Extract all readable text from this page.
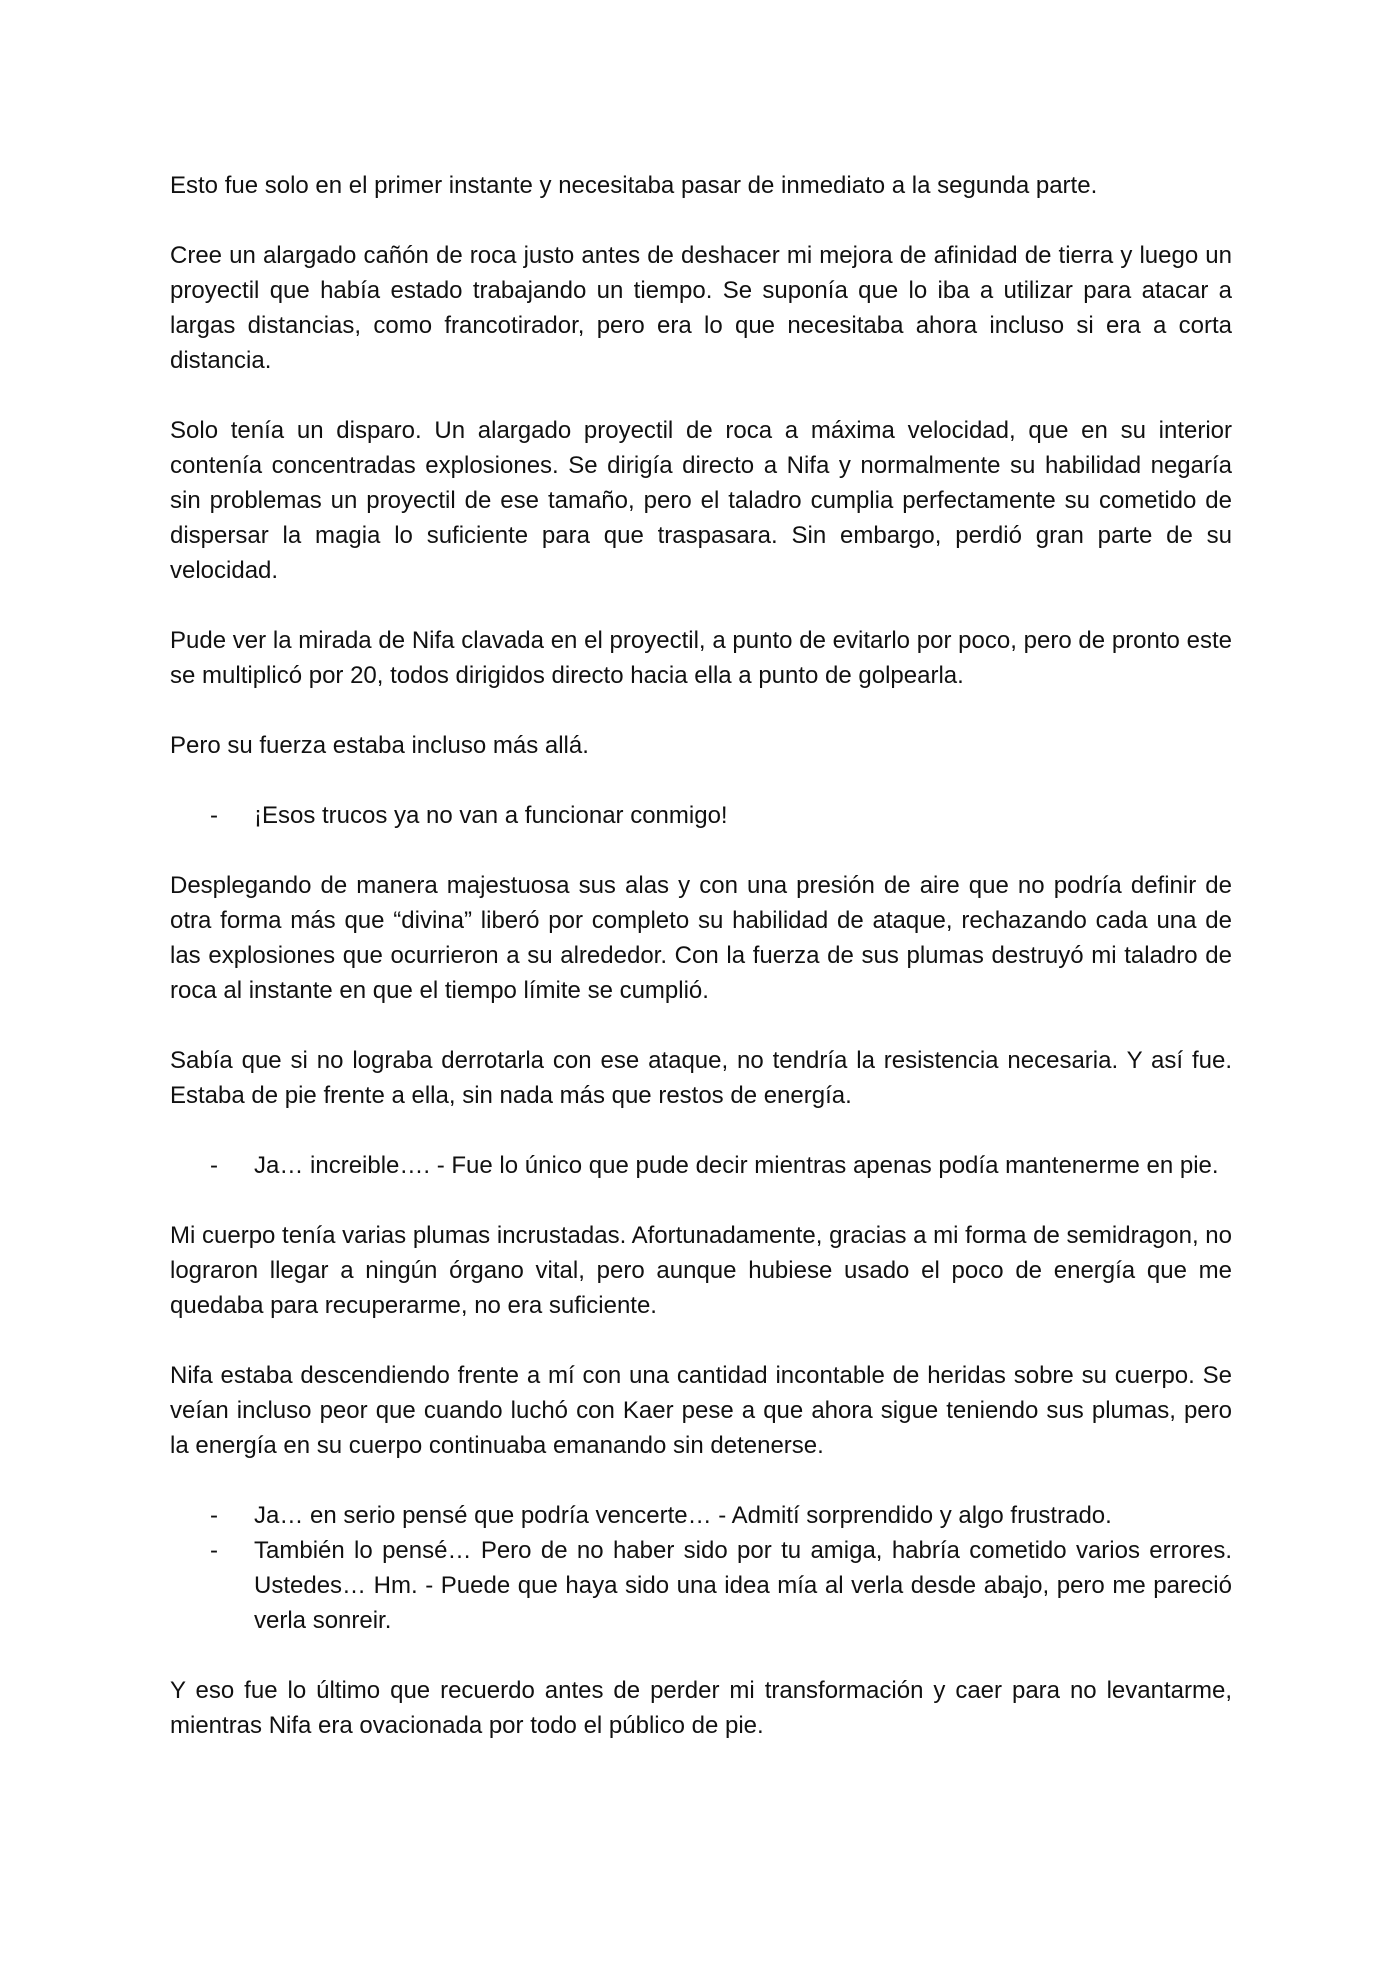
Esto fue solo en el primer instante y necesitaba pasar de inmediato a la segunda parte.

Cree un alargado cañón de roca justo antes de deshacer mi mejora de afinidad de tierra y luego un proyectil que había estado trabajando un tiempo. Se suponía que lo iba a utilizar para atacar a largas distancias, como francotirador, pero era lo que necesitaba ahora incluso si era a corta distancia.

Solo tenía un disparo. Un alargado proyectil de roca a máxima velocidad, que en su interior contenía concentradas explosiones. Se dirigía directo a Nifa y normalmente su habilidad negaría sin problemas un proyectil de ese tamaño, pero el taladro cumplia perfectamente su cometido de dispersar la magia lo suficiente para que traspasara. Sin embargo, perdió gran parte de su velocidad.

Pude ver la mirada de Nifa clavada en el proyectil, a punto de evitarlo por poco, pero de pronto este se multiplicó por 20, todos dirigidos directo hacia ella a punto de golpearla.

Pero su fuerza estaba incluso más allá.

- ¡Esos trucos ya no van a funcionar conmigo!

Desplegando de manera majestuosa sus alas y con una presión de aire que no podría definir de otra forma más que “divina” liberó por completo su habilidad de ataque, rechazando cada una de las explosiones que ocurrieron a su alrededor. Con la fuerza de sus plumas destruyó mi taladro de roca al instante en que el tiempo límite se cumplió.

Sabía que si no lograba derrotarla con ese ataque, no tendría la resistencia necesaria. Y así fue. Estaba de pie frente a ella, sin nada más que restos de energía.

- Ja… increible…. - Fue lo único que pude decir mientras apenas podía mantenerme en pie.

Mi cuerpo tenía varias plumas incrustadas. Afortunadamente, gracias a mi forma de semidragon, no lograron llegar a ningún órgano vital, pero aunque hubiese usado el poco de energía que me quedaba para recuperarme, no era suficiente.

Nifa estaba descendiendo frente a mí con una cantidad incontable de heridas sobre su cuerpo. Se veían incluso peor que cuando luchó con Kaer pese a que ahora sigue teniendo sus plumas, pero la energía en su cuerpo continuaba emanando sin detenerse.

- Ja… en serio pensé que podría vencerte… - Admití sorprendido y algo frustrado.
- También lo pensé… Pero de no haber sido por tu amiga, habría cometido varios errores. Ustedes… Hm. - Puede que haya sido una idea mía al verla desde abajo, pero me pareció verla sonreir.

Y eso fue lo último que recuerdo antes de perder mi transformación y caer para no levantarme, mientras Nifa era ovacionada por todo el público de pie.
